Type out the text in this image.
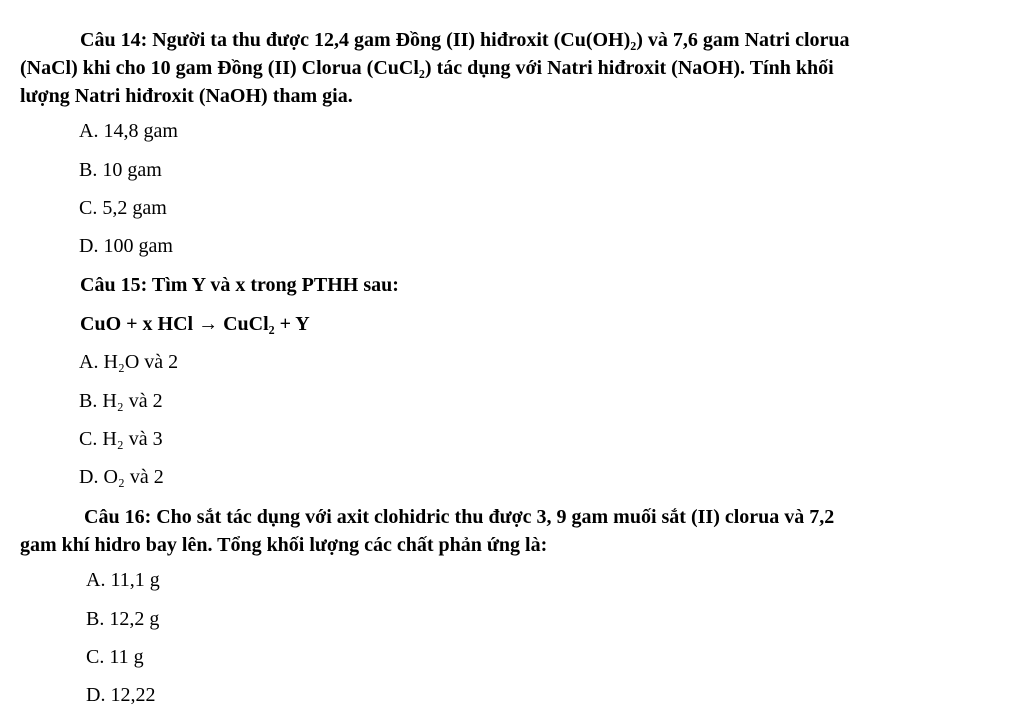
Câu 14: Người ta thu được 12,4 gam Đồng (II) hiđroxit (Cu(OH)₂) và 7,6 gam Natri clorua
(NaCl) khi cho 10 gam Đồng (II) Clorua (CuCl₂) tác dụng với Natri hiđroxit (NaOH). Tính khối
lượng Natri hiđroxit (NaOH) tham gia.
A. 14,8 gam
B. 10 gam
C. 5,2 gam
D. 100 gam
Câu 15: Tìm Y và x trong PTHH sau:
CuO + x HCl → CuCl₂ + Y
A. H₂O và 2
B. H₂ và 2
C. H₂ và 3
D. O₂ và 2
Câu 16: Cho sắt tác dụng với axit clohidric thu được 3, 9 gam muối sắt (II) clorua và 7,2
gam khí hidro bay lên. Tổng khối lượng các chất phản ứng là:
A. 11,1 g
B. 12,2 g
C. 11 g
D. 12,22
